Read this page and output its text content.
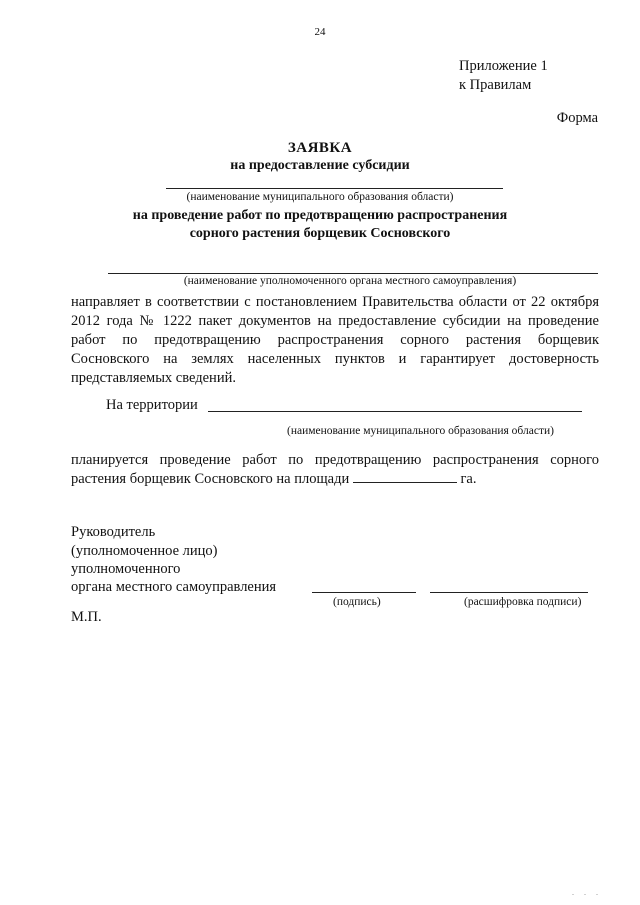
24
Приложение 1
к Правилам
Форма
ЗАЯВКА
на предоставление субсидии
(наименование муниципального образования области)
на проведение работ по предотвращению распространения
сорного растения борщевик Сосновского
(наименование уполномоченного органа местного самоуправления)
направляет в соответствии с постановлением Правительства области от 22 октября 2012 года № 1222 пакет документов на предоставление субсидии на проведение работ по предотвращению распространения сорного растения борщевик Сосновского на землях населенных пунктов и гарантирует достоверность представляемых сведений.
На территории
(наименование муниципального образования области)
планируется проведение работ по предотвращению распространения сорного растения борщевик Сосновского на площади	га.
Руководитель
(уполномоченное лицо)
уполномоченного
органа местного самоуправления
(подпись)	(расшифровка подписи)
М.П.
. . .
